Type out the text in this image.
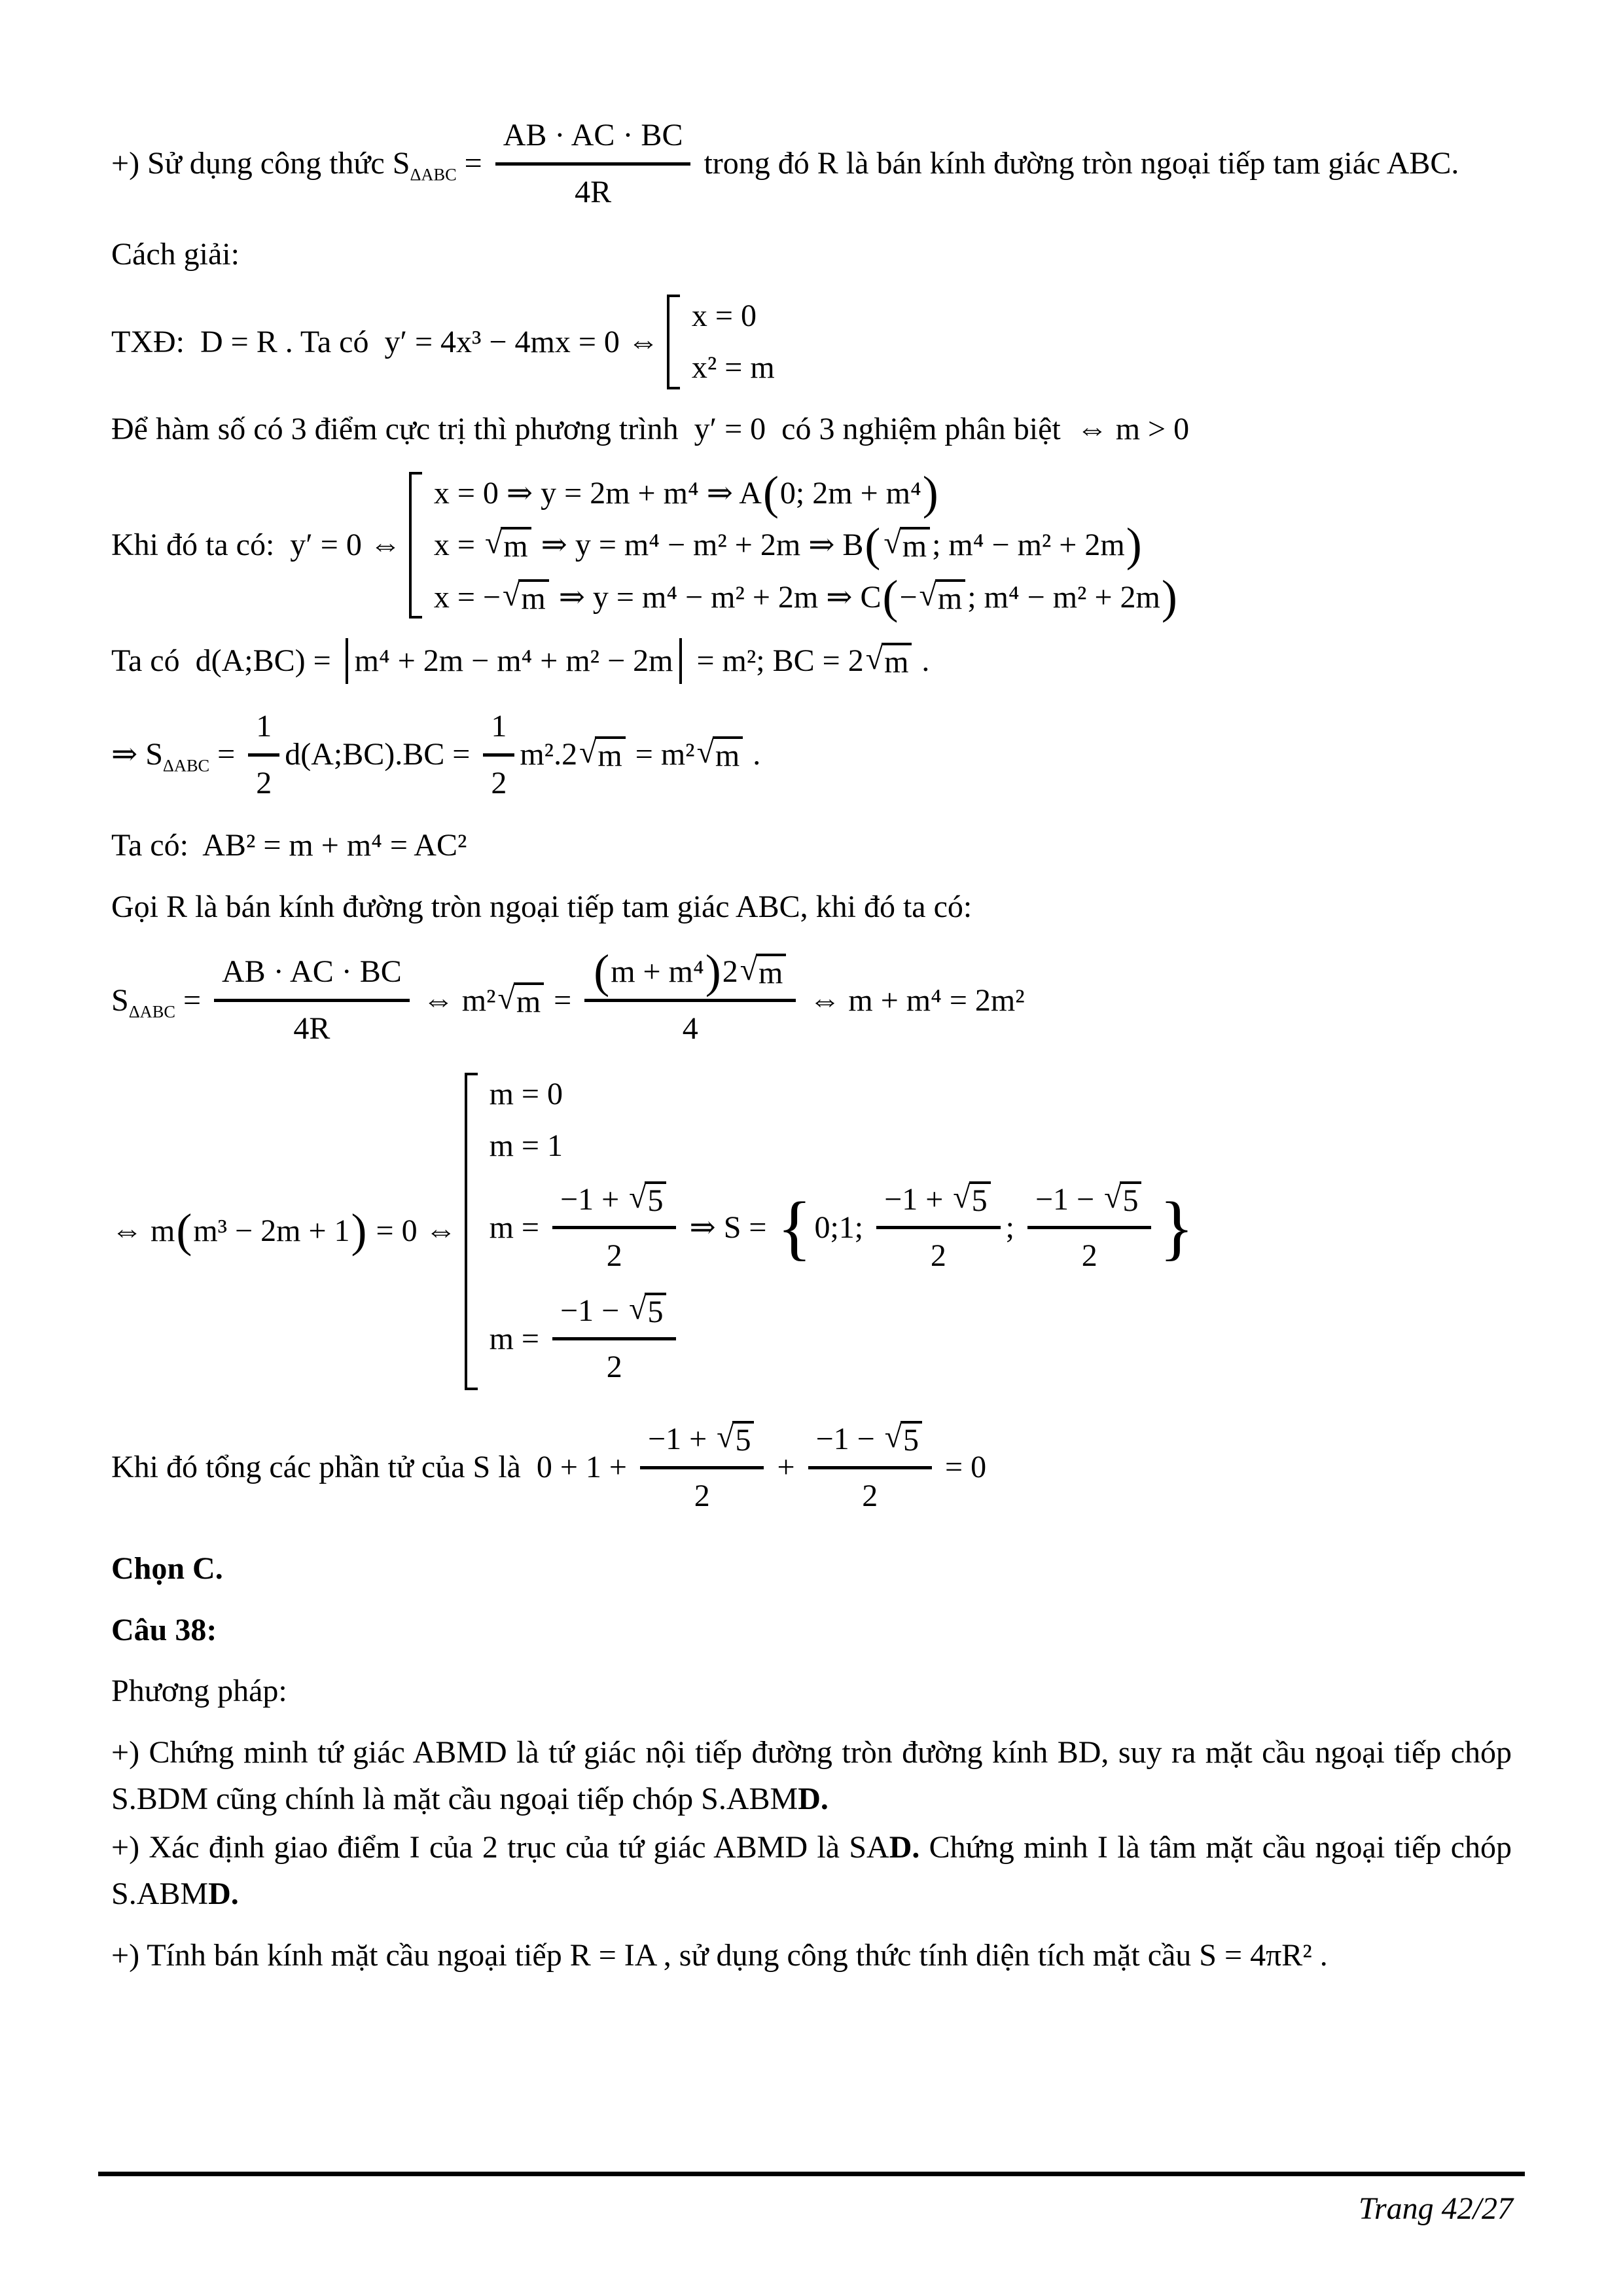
+) Sử dụng công thức $S_{\Delta ABC} = \frac{AB \cdot AC \cdot BC}{4R}$ trong đó R là bán kính đường tròn ngoại tiếp tam giác ABC.
Cách giải:
TXĐ:  D = R . Ta có  y′ = 4x³ − 4mx = 0 ⇔
x = 0
x² = m
Để hàm số có 3 điểm cực trị thì phương trình  y′ = 0  có 3 nghiệm phân biệt  ⇔ m > 0
Khi đó ta có:  y′ = 0 ⇔
x = 0 ⇒ y = 2m + m⁴ ⇒ A ( 0; 2m + m⁴ )
x = √ m ⇒ y = m⁴ − m² + 2m ⇒ B ( √ m ; m⁴ − m² + 2m )
x = − √ m ⇒ y = m⁴ − m² + 2m ⇒ C ( − √ m ; m⁴ − m² + 2m )
Ta có  d(A;BC) = m⁴ + 2m − m⁴ + m² − 2m = m²; BC = 2 √ m .
⇒ $S_{\Delta ABC} = \frac{1}{2}$ d(A;BC).BC = $\frac{1}{2} m^2.2$ √ m = m² √ m .
Ta có:  AB² = m + m⁴ = AC²
Gọi R là bán kính đường tròn ngoại tiếp tam giác ABC, khi đó ta có:
$S_{\Delta ABC} = \frac{AB \cdot AC \cdot BC}{4R}$ ⇔ m² √ $m = \frac{\text{( m + m⁴ ) 2 √ m}}{4}$ ⇔ m + m⁴ = 2m²
⇔ m ( m³ − 2m + 1 ) = 0 ⇔
m = 0
m = 1
$m = \frac{-1 + √ 5}{2}$ ⇒ S = { 0;1; $\frac{-1 + √ 5}{2}$ ; $\frac{-1 - √ 5}{2}$ }
$m = \frac{-1 - √ 5}{2}$
Khi đó tổng các phần tử của S là  $0 + 1 + \frac{-1 + √ 5}{2} + \frac{-1 - √ 5}{2} = 0$
Chọn C.
Câu 38:
Phương pháp:

+) Chứng minh tứ giác ABMD là tứ giác nội tiếp đường tròn đường kính BD, suy ra mặt cầu ngoại tiếp chóp S.BDM cũng chính là mặt cầu ngoại tiếp chóp S.ABMD.

+) Xác định giao điểm I của 2 trục của tứ giác ABMD là SAD. Chứng minh I là tâm mặt cầu ngoại tiếp chóp S.ABMD.

+) Tính bán kính mặt cầu ngoại tiếp R = IA , sử dụng công thức tính diện tích mặt cầu S = 4πR² .

Trang 42/27
